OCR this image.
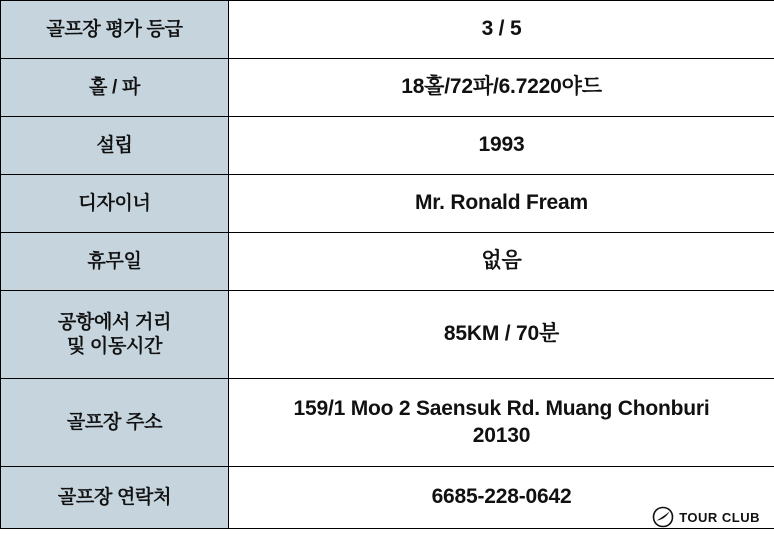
골프장 평가 등급	3 / 5
홀 / 파	18홀/72파/6.7220야드
설립	1993
디자이너	Mr. Ronald Fream
휴무일	없음

공항에서 거리
및 이동시간	85KM / 70분
골프장 주소	159/1 Moo 2 Saensuk Rd. Muang Chonburi
20130

골프장 연락처	6685-228-0642
TOUR CLUB
